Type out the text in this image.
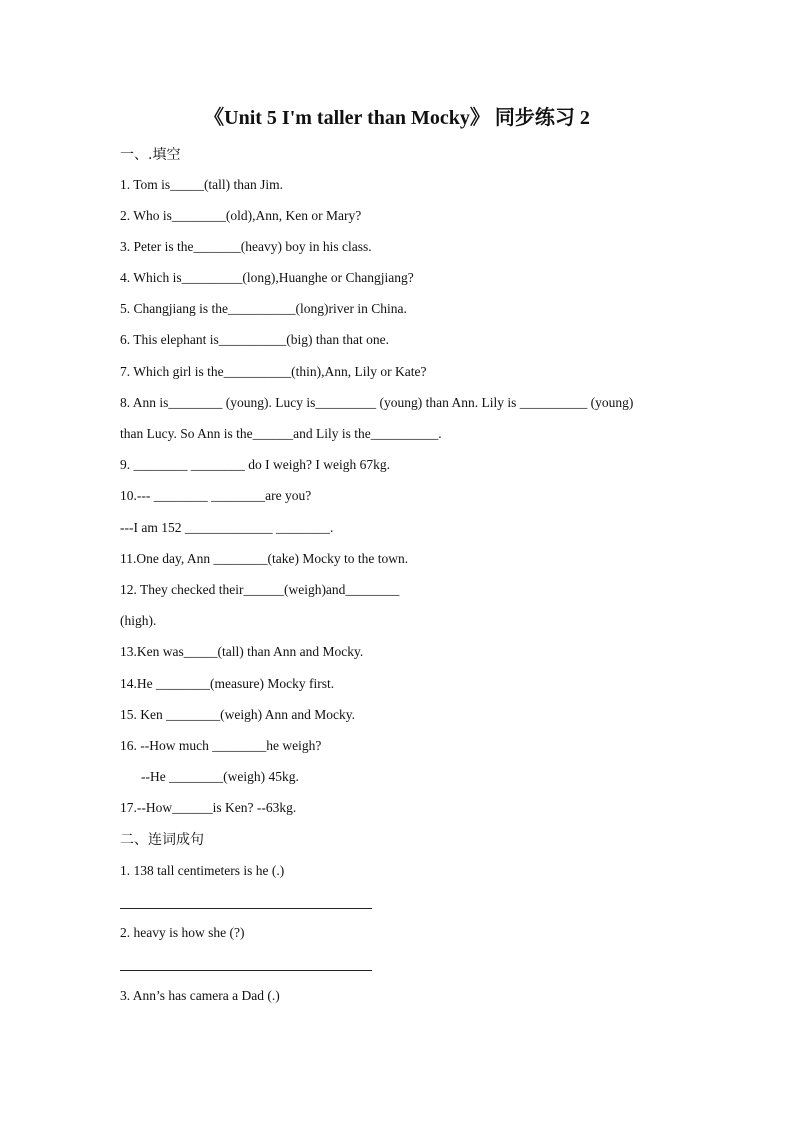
《Unit 5 I'm taller than Mocky》 同步练习 2
一、.填空
1. Tom is_____(tall) than Jim.
2. Who is________(old),Ann, Ken or Mary?
3. Peter is the_______(heavy) boy in his class.
4. Which is_________(long),Huanghe or Changjiang?
5. Changjiang is the__________(long)river in China.
6. This elephant is__________(big) than that one.
7. Which girl is the__________(thin),Ann, Lily or Kate?
8. Ann is________ (young). Lucy is_________ (young) than Ann. Lily is __________ (young)
than Lucy. So Ann is the______and Lily is the__________.
9. ________ ________ do I weigh? I weigh 67kg.
10.--- ________ ________are you?
---I am 152 _____________ ________.
11.One day, Ann ________(take) Mocky to the town.
12. They checked their______(weigh)and________
(high).
13.Ken was_____(tall) than Ann and Mocky.
14.He ________(measure) Mocky first.
15. Ken ________(weigh) Ann and Mocky.
16. --How much ________he weigh?
--He ________(weigh) 45kg.
17.--How______is Ken? --63kg.
二、连词成句
1. 138 tall centimeters is he (.)
2. heavy is how she (?)
3. Ann’s has camera a Dad (.)
